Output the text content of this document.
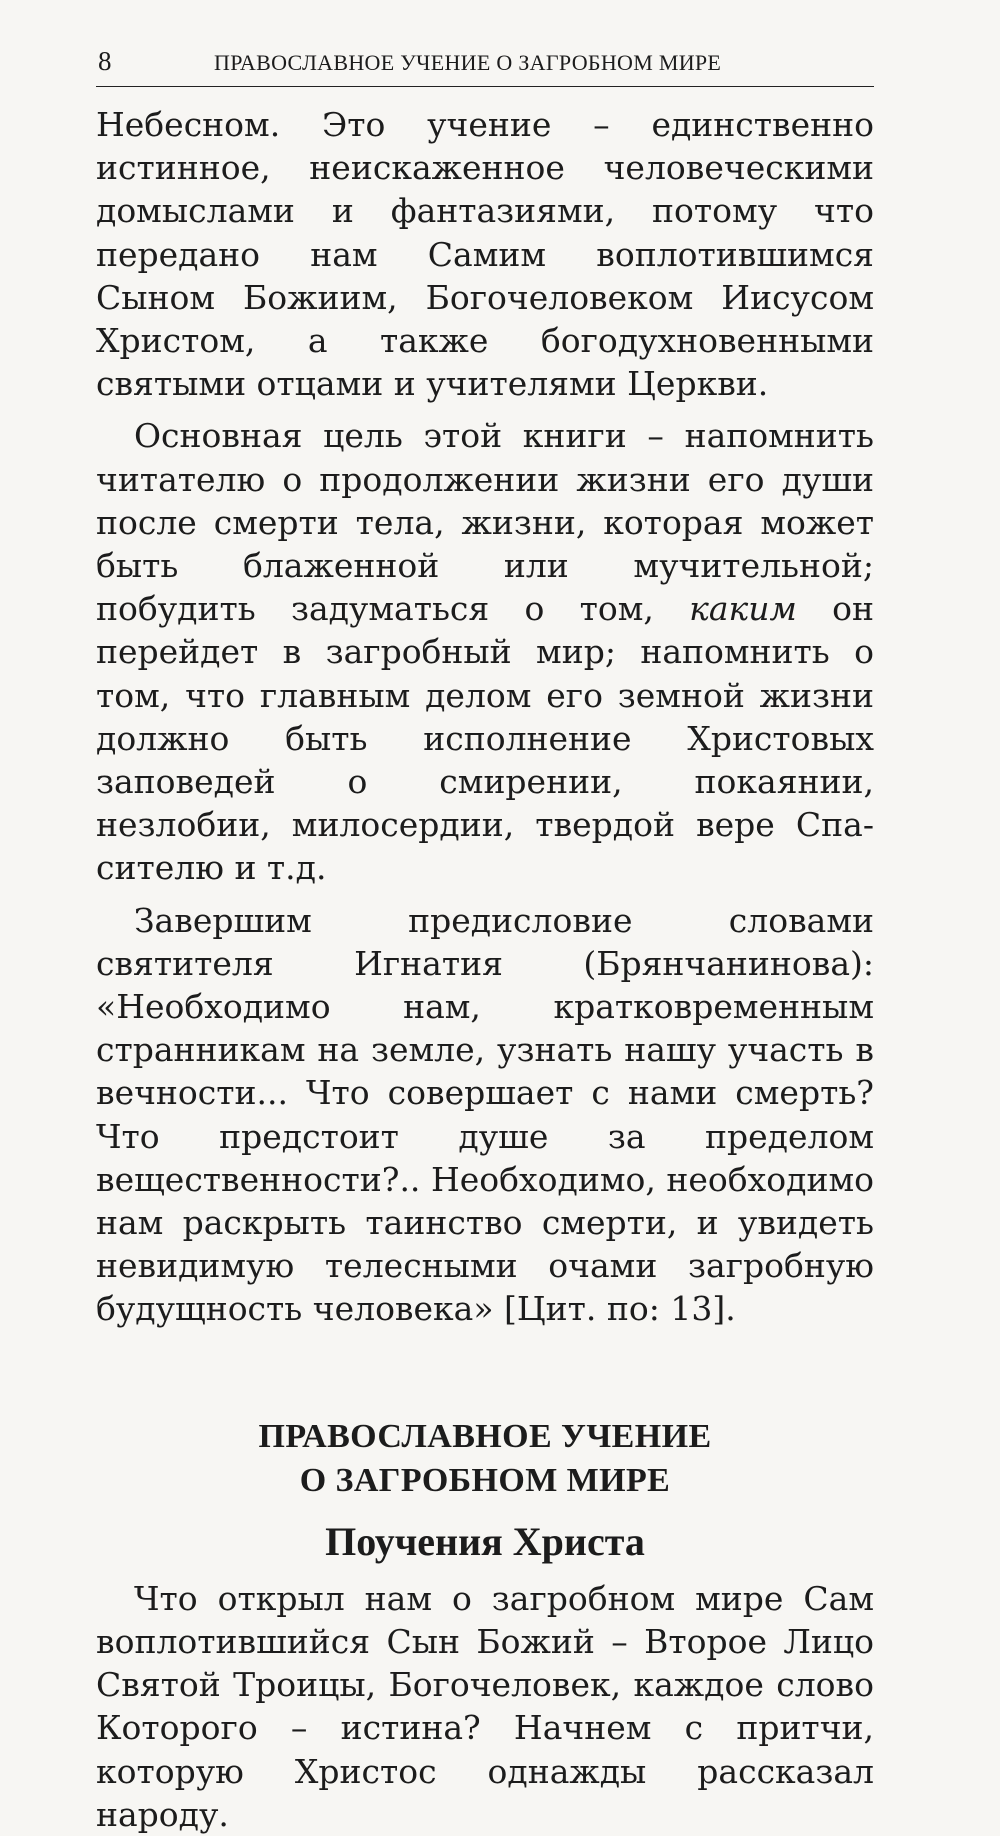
8	ПРАВОСЛАВНОЕ УЧЕНИЕ О ЗАГРОБНОМ МИРЕ

Небесном. Это учение – единственно истинное, неискаженное человеческими домыслами и фантазиями, потому что передано нам Самим воплотившимся Сыном Божиим, Богочеловеком Иисусом Христом, а также богодухновенными святыми отцами и учителями Церкви.

Основная цель этой книги – напомнить читателю о продолжении жизни его души после смерти тела, жизни, которая может быть блаженной или мучительной; побудить задуматься о том, каким он перейдет в загробный мир; напомнить о том, что главным делом его земной жизни должно быть исполнение Христовых заповедей о смирении, покаянии, незлобии, милосердии, твердой вере Спасителю и т.д.

Завершим предисловие словами святителя Игнатия (Брянчанинова): «Необходимо нам, кратковременным странникам на земле, узнать нашу участь в вечности... Что совершает с нами смерть? Что предстоит душе за пределом вещественности?.. Необходимо, необходимо нам раскрыть таинство смерти, и увидеть невидимую телесными очами загробную будущность человека» [Цит. по: 13].

ПРАВОСЛАВНОЕ УЧЕНИЕ
О ЗАГРОБНОМ МИРЕ
Поучения Христа

Что открыл нам о загробном мире Сам воплотившийся Сын Божий – Второе Лицо Святой Троицы, Богочеловек, каждое слово Которого – истина? Начнем с притчи, которую Христос однажды рассказал народу.
